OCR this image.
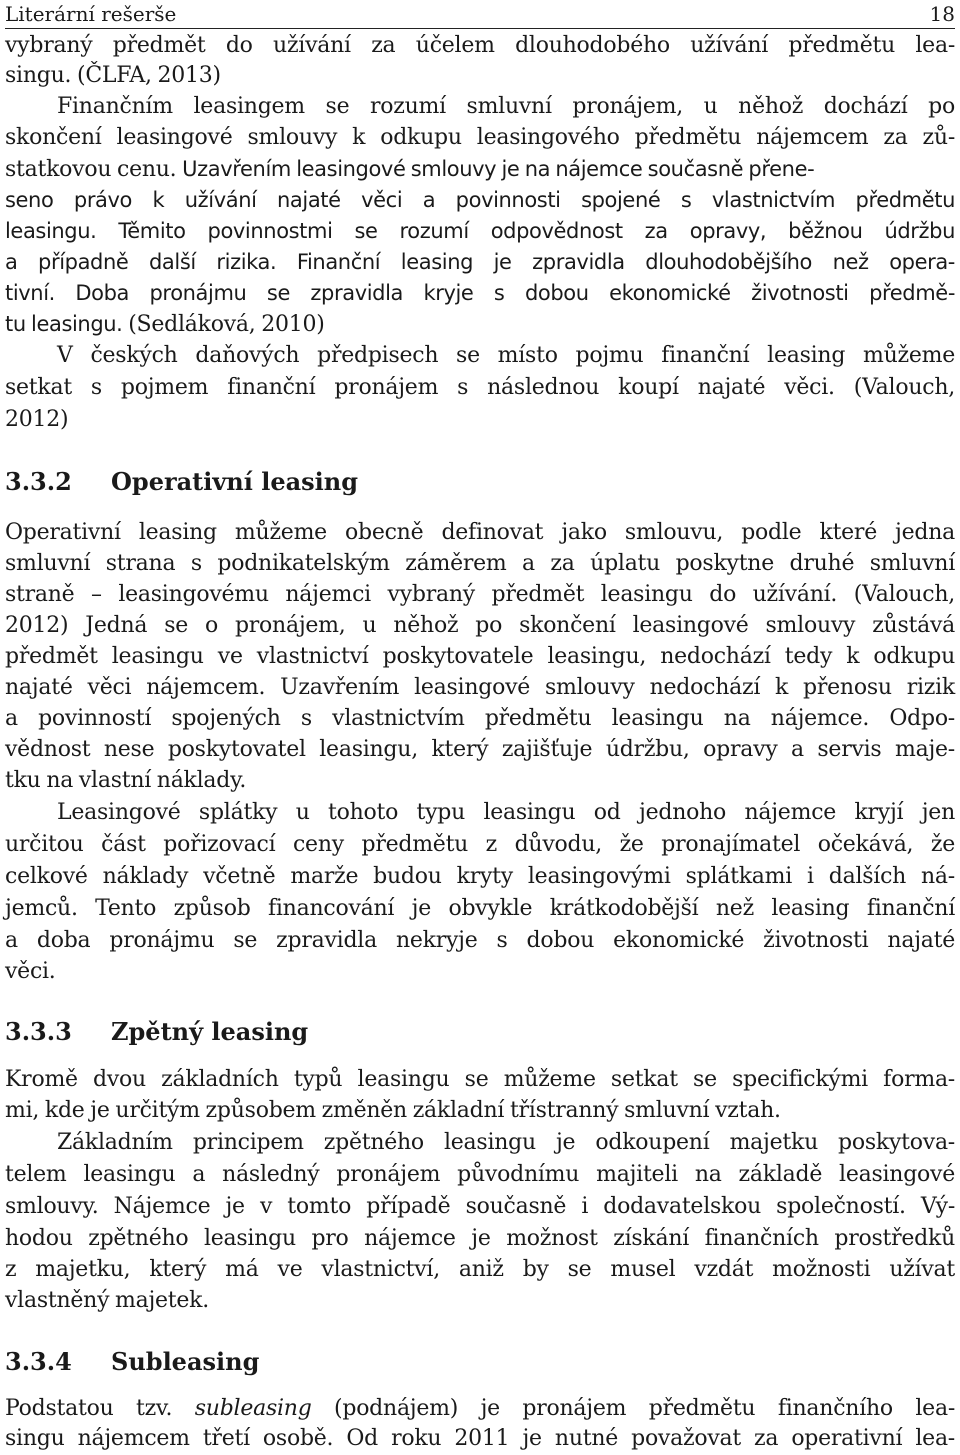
Literární rešerše	18
vybraný předmět do užívání za účelem dlouhodobého užívání předmětu lea-
singu. (ČLFA, 2013)
Finančním leasingem se rozumí smluvní pronájem, u něhož dochází po
skončení leasingové smlouvy k odkupu leasingového předmětu nájemcem za zů-
statkovou cenu. Uzavřením leasingové smlouvy je na nájemce současně přene-
seno právo k užívání najaté věci a povinnosti spojené s vlastnictvím předmětu
leasingu. Těmito povinnostmi se rozumí odpovědnost za opravy, běžnou údržbu
a případně další rizika. Finanční leasing je zpravidla dlouhodobějšího než opera-
tivní. Doba pronájmu se zpravidla kryje s dobou ekonomické životnosti předmě-
tu leasingu. (Sedláková, 2010)
V českých daňových předpisech se místo pojmu finanční leasing můžeme
setkat s pojmem finanční pronájem s následnou koupí najaté věci. (Valouch,
2012)
3.3.2 Operativní leasing
Operativní leasing můžeme obecně definovat jako smlouvu, podle které jedna
smluvní strana s podnikatelským záměrem a za úplatu poskytne druhé smluvní
straně – leasingovému nájemci vybraný předmět leasingu do užívání. (Valouch,
2012) Jedná se o pronájem, u něhož po skončení leasingové smlouvy zůstává
předmět leasingu ve vlastnictví poskytovatele leasingu, nedochází tedy k odkupu
najaté věci nájemcem. Uzavřením leasingové smlouvy nedochází k přenosu rizik
a povinností spojených s vlastnictvím předmětu leasingu na nájemce. Odpo-
vědnost nese poskytovatel leasingu, který zajišťuje údržbu, opravy a servis maje-
tku na vlastní náklady.
Leasingové splátky u tohoto typu leasingu od jednoho nájemce kryjí jen
určitou část pořizovací ceny předmětu z důvodu, že pronajímatel očekává, že
celkové náklady včetně marže budou kryty leasingovými splátkami i dalších ná-
jemců. Tento způsob financování je obvykle krátkodobější než leasing finanční
a doba pronájmu se zpravidla nekryje s dobou ekonomické životnosti najaté
věci.
3.3.3 Zpětný leasing
Kromě dvou základních typů leasingu se můžeme setkat se specifickými forma-
mi, kde je určitým způsobem změněn základní třístranný smluvní vztah.
Základním principem zpětného leasingu je odkoupení majetku poskytova-
telem leasingu a následný pronájem původnímu majiteli na základě leasingové
smlouvy. Nájemce je v tomto případě současně i dodavatelskou společností. Vý-
hodou zpětného leasingu pro nájemce je možnost získání finančních prostředků
z majetku, který má ve vlastnictví, aniž by se musel vzdát možnosti užívat
vlastněný majetek.
3.3.4 Subleasing
Podstatou tzv. subleasing (podnájem) je pronájem předmětu finančního lea-
singu nájemcem třetí osobě. Od roku 2011 je nutné považovat za operativní lea-
